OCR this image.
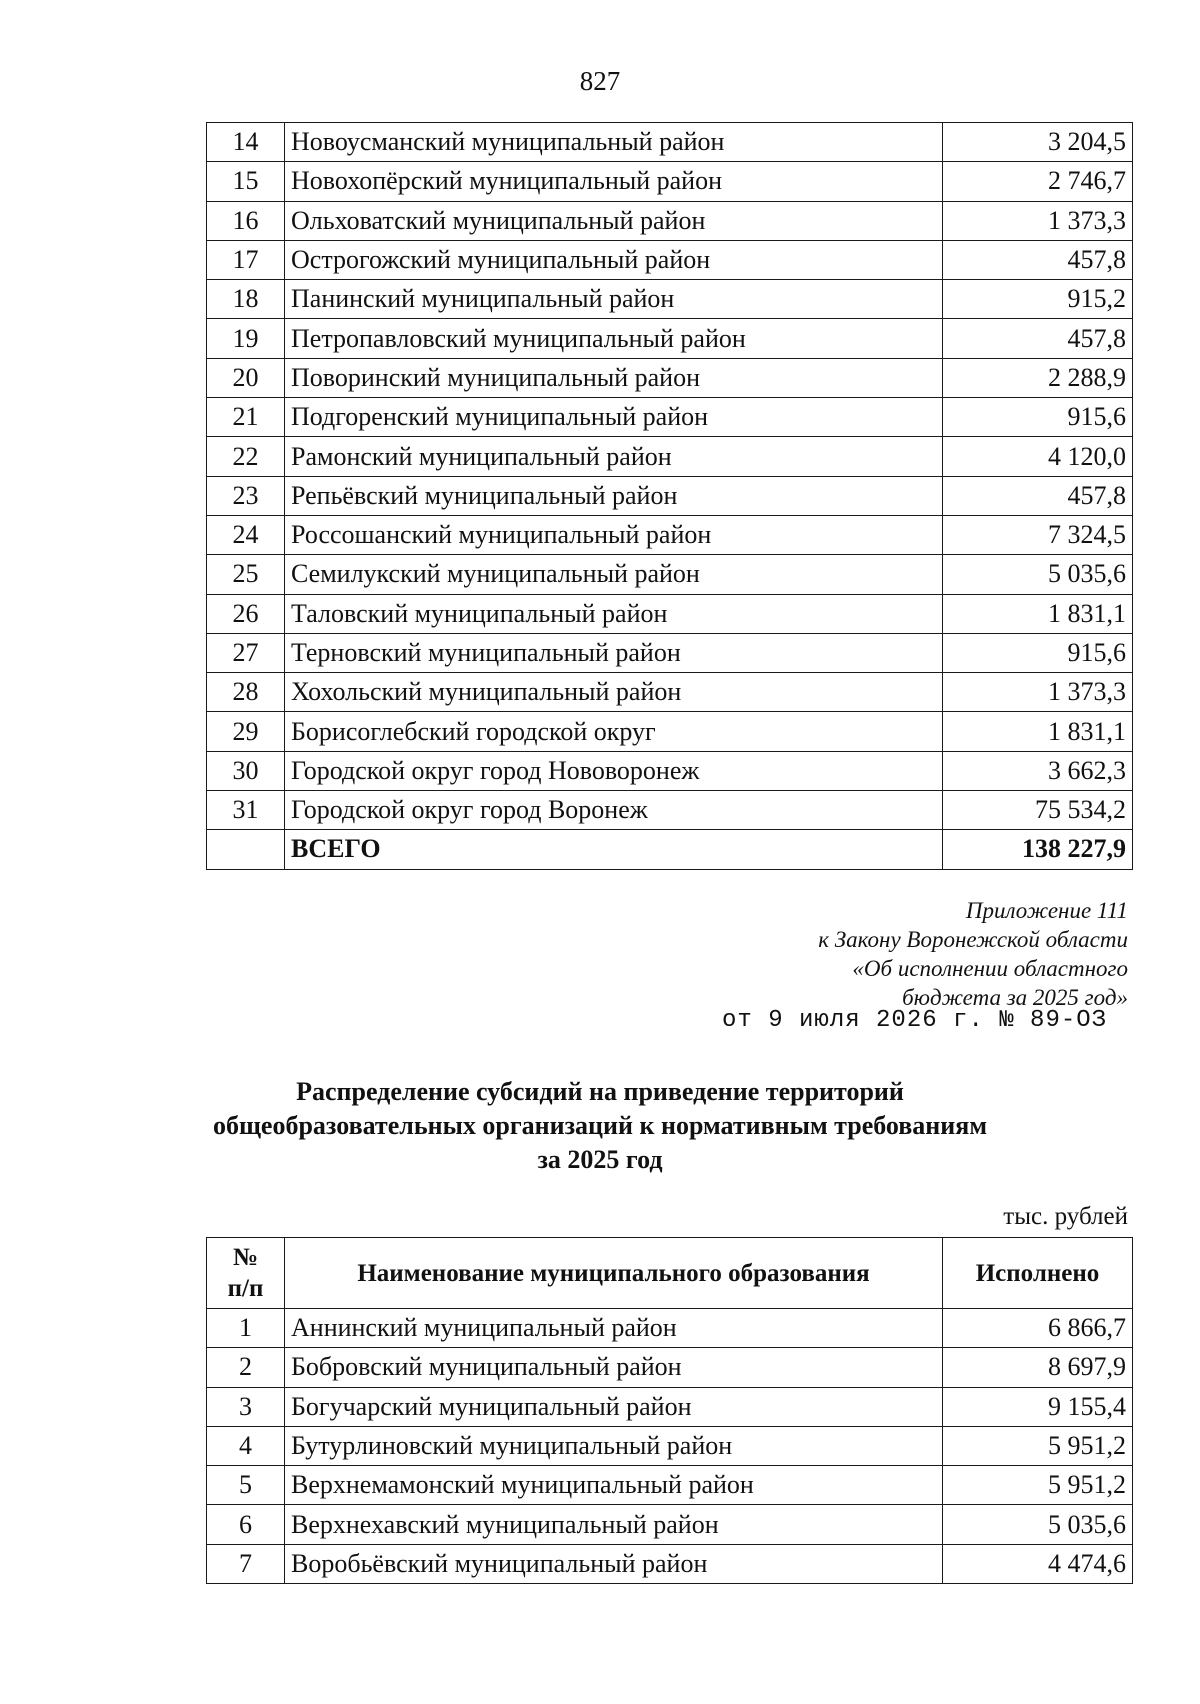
827
14	Новоусманский муниципальный район	3 204,5
15	Новохопёрский муниципальный район	2 746,7
16	Ольховатский муниципальный район	1 373,3
17	Острогожский муниципальный район	457,8
18	Панинский муниципальный район	915,2
19	Петропавловский муниципальный район	457,8
20	Поворинский муниципальный район	2 288,9
21	Подгоренский муниципальный район	915,6
22	Рамонский муниципальный район	4 120,0
23	Репьёвский муниципальный район	457,8
24	Россошанский муниципальный район	7 324,5
25	Семилукский муниципальный район	5 035,6
26	Таловский муниципальный район	1 831,1
27	Терновский муниципальный район	915,6
28	Хохольский муниципальный район	1 373,3
29	Борисоглебский городской округ	1 831,1
30	Городской округ город Нововоронеж	3 662,3
31	Городской округ город Воронеж	75 534,2
	ВСЕГО	138 227,9
Приложение 111
к Закону Воронежской области
«Об исполнении областного
бюджета за 2025 год»
от 9 июля 2026 г. № 89-ОЗ
Распределение субсидий на приведение территорий
общеобразовательных организаций к нормативным требованиям
за 2025 год
тыс. рублей
№
п/п	Наименование муниципального образования	Исполнено
1	Аннинский муниципальный район	6 866,7
2	Бобровский муниципальный район	8 697,9
3	Богучарский муниципальный район	9 155,4
4	Бутурлиновский муниципальный район	5 951,2
5	Верхнемамонский муниципальный район	5 951,2
6	Верхнехавский муниципальный район	5 035,6
7	Воробьёвский муниципальный район	4 474,6
